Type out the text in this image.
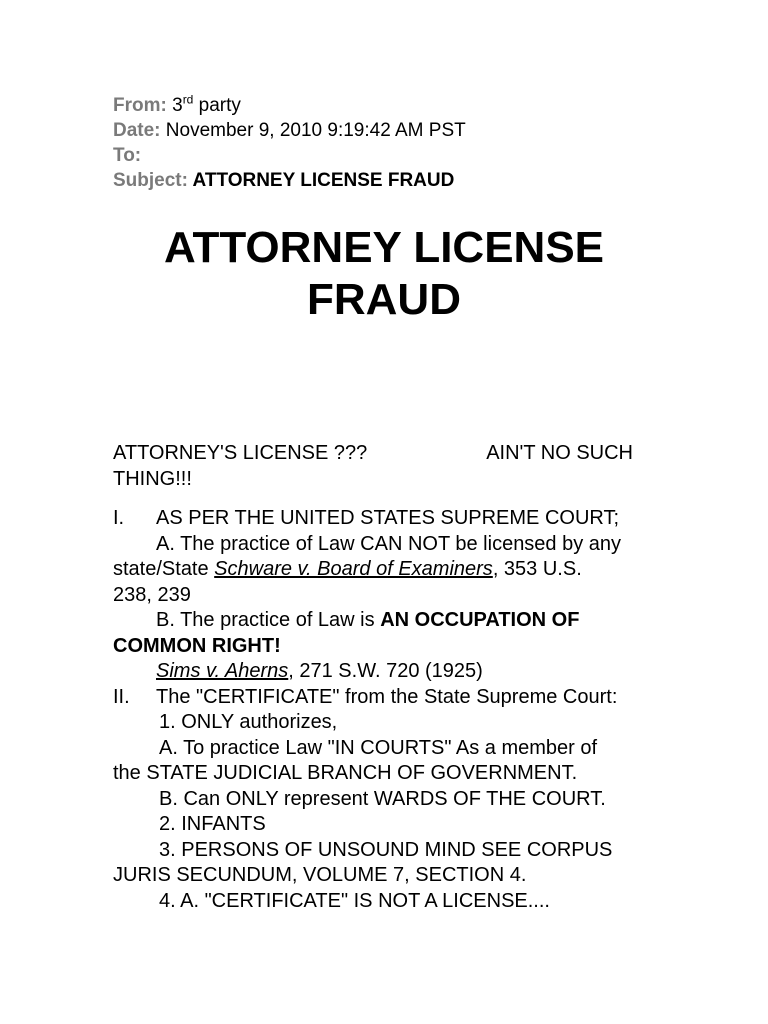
From: 3rd party
Date: November 9, 2010 9:19:42 AM PST
To:
Subject: ATTORNEY LICENSE FRAUD
ATTORNEY LICENSE
FRAUD
ATTORNEY'S LICENSE ???	AIN'T NO SUCH
THING!!!
I. AS PER THE UNITED STATES SUPREME COURT;
A. The practice of Law CAN NOT be licensed by any
state/State Schware v. Board of Examiners, 353 U.S.
238, 239
B. The practice of Law is AN OCCUPATION OF
COMMON RIGHT!
Sims v. Aherns, 271 S.W. 720 (1925)
II. The "CERTIFICATE" from the State Supreme Court:
1. ONLY authorizes,
A. To practice Law "IN COURTS" As a member of
the STATE JUDICIAL BRANCH OF GOVERNMENT.
B. Can ONLY represent WARDS OF THE COURT.
2. INFANTS
3. PERSONS OF UNSOUND MIND SEE CORPUS
JURIS SECUNDUM, VOLUME 7, SECTION 4.
4. A. "CERTIFICATE" IS NOT A LICENSE....
